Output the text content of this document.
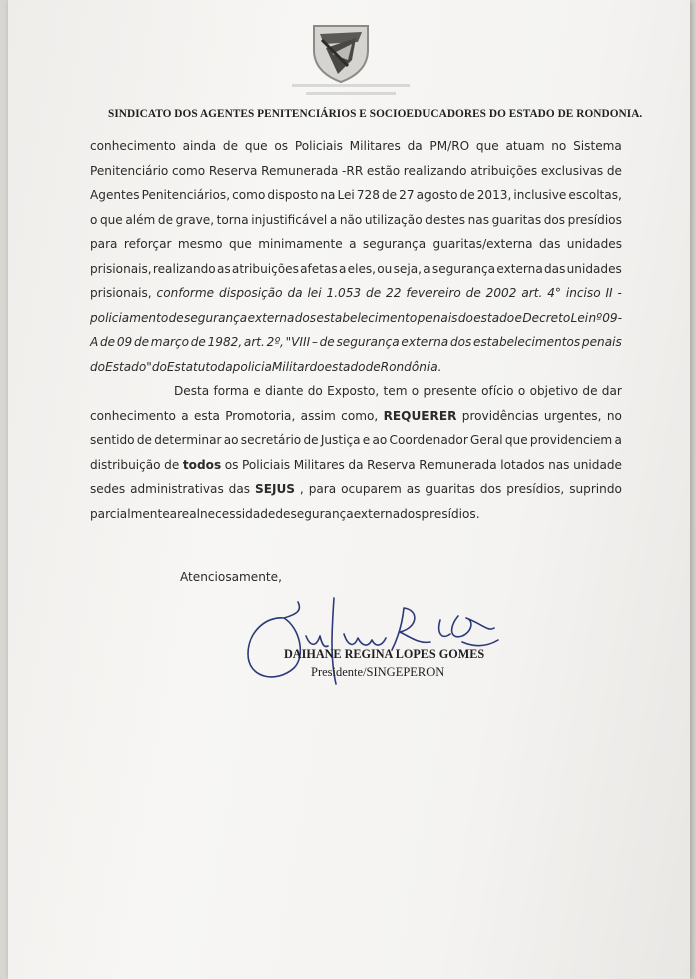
SINDICATO DOS AGENTES PENITENCIÁRIOS E SOCIOEDUCADORES DO ESTADO DE RONDONIA.
conhecimento ainda de que os Policiais Militares da PM/RO que atuam no Sistema
Penitenciário como Reserva Remunerada -RR estão realizando atribuições exclusivas de
Agentes Penitenciários, como disposto na Lei 728 de 27 agosto de 2013, inclusive escoltas,
o que além de grave, torna injustificável a não utilização destes nas guaritas dos presídios
para reforçar mesmo que minimamente a segurança guaritas/externa das unidades
prisionais, realizando as atribuições afetas a eles, ou seja, a segurança externa das unidades
prisionais, conforme disposição da lei 1.053 de 22 fevereiro de 2002 art. 4° inciso II -
policiamento de segurança externa dos estabelecimento penais do estado e Decreto Lei nº 09-
A de 09 de março de 1982, art. 2º, "VIII – de segurança externa dos estabelecimentos penais
do Estado" do Estatuto da policia Militar do estado de Rondônia.
Desta forma e diante do Exposto, tem o presente ofício o objetivo de dar
conhecimento a esta Promotoria, assim como, REQUERER providências urgentes, no
sentido de determinar ao secretário de Justiça e ao Coordenador Geral que providenciem a
distribuição de todos os Policiais Militares da Reserva Remunerada lotados nas unidade
sedes administrativas das SEJUS , para ocuparem as guaritas dos presídios, suprindo
parcialmente a real necessidade de segurança externa dos presídios.
Atenciosamente,
DAIHANE REGINA LOPES GOMES
Presidente/SINGEPERON
